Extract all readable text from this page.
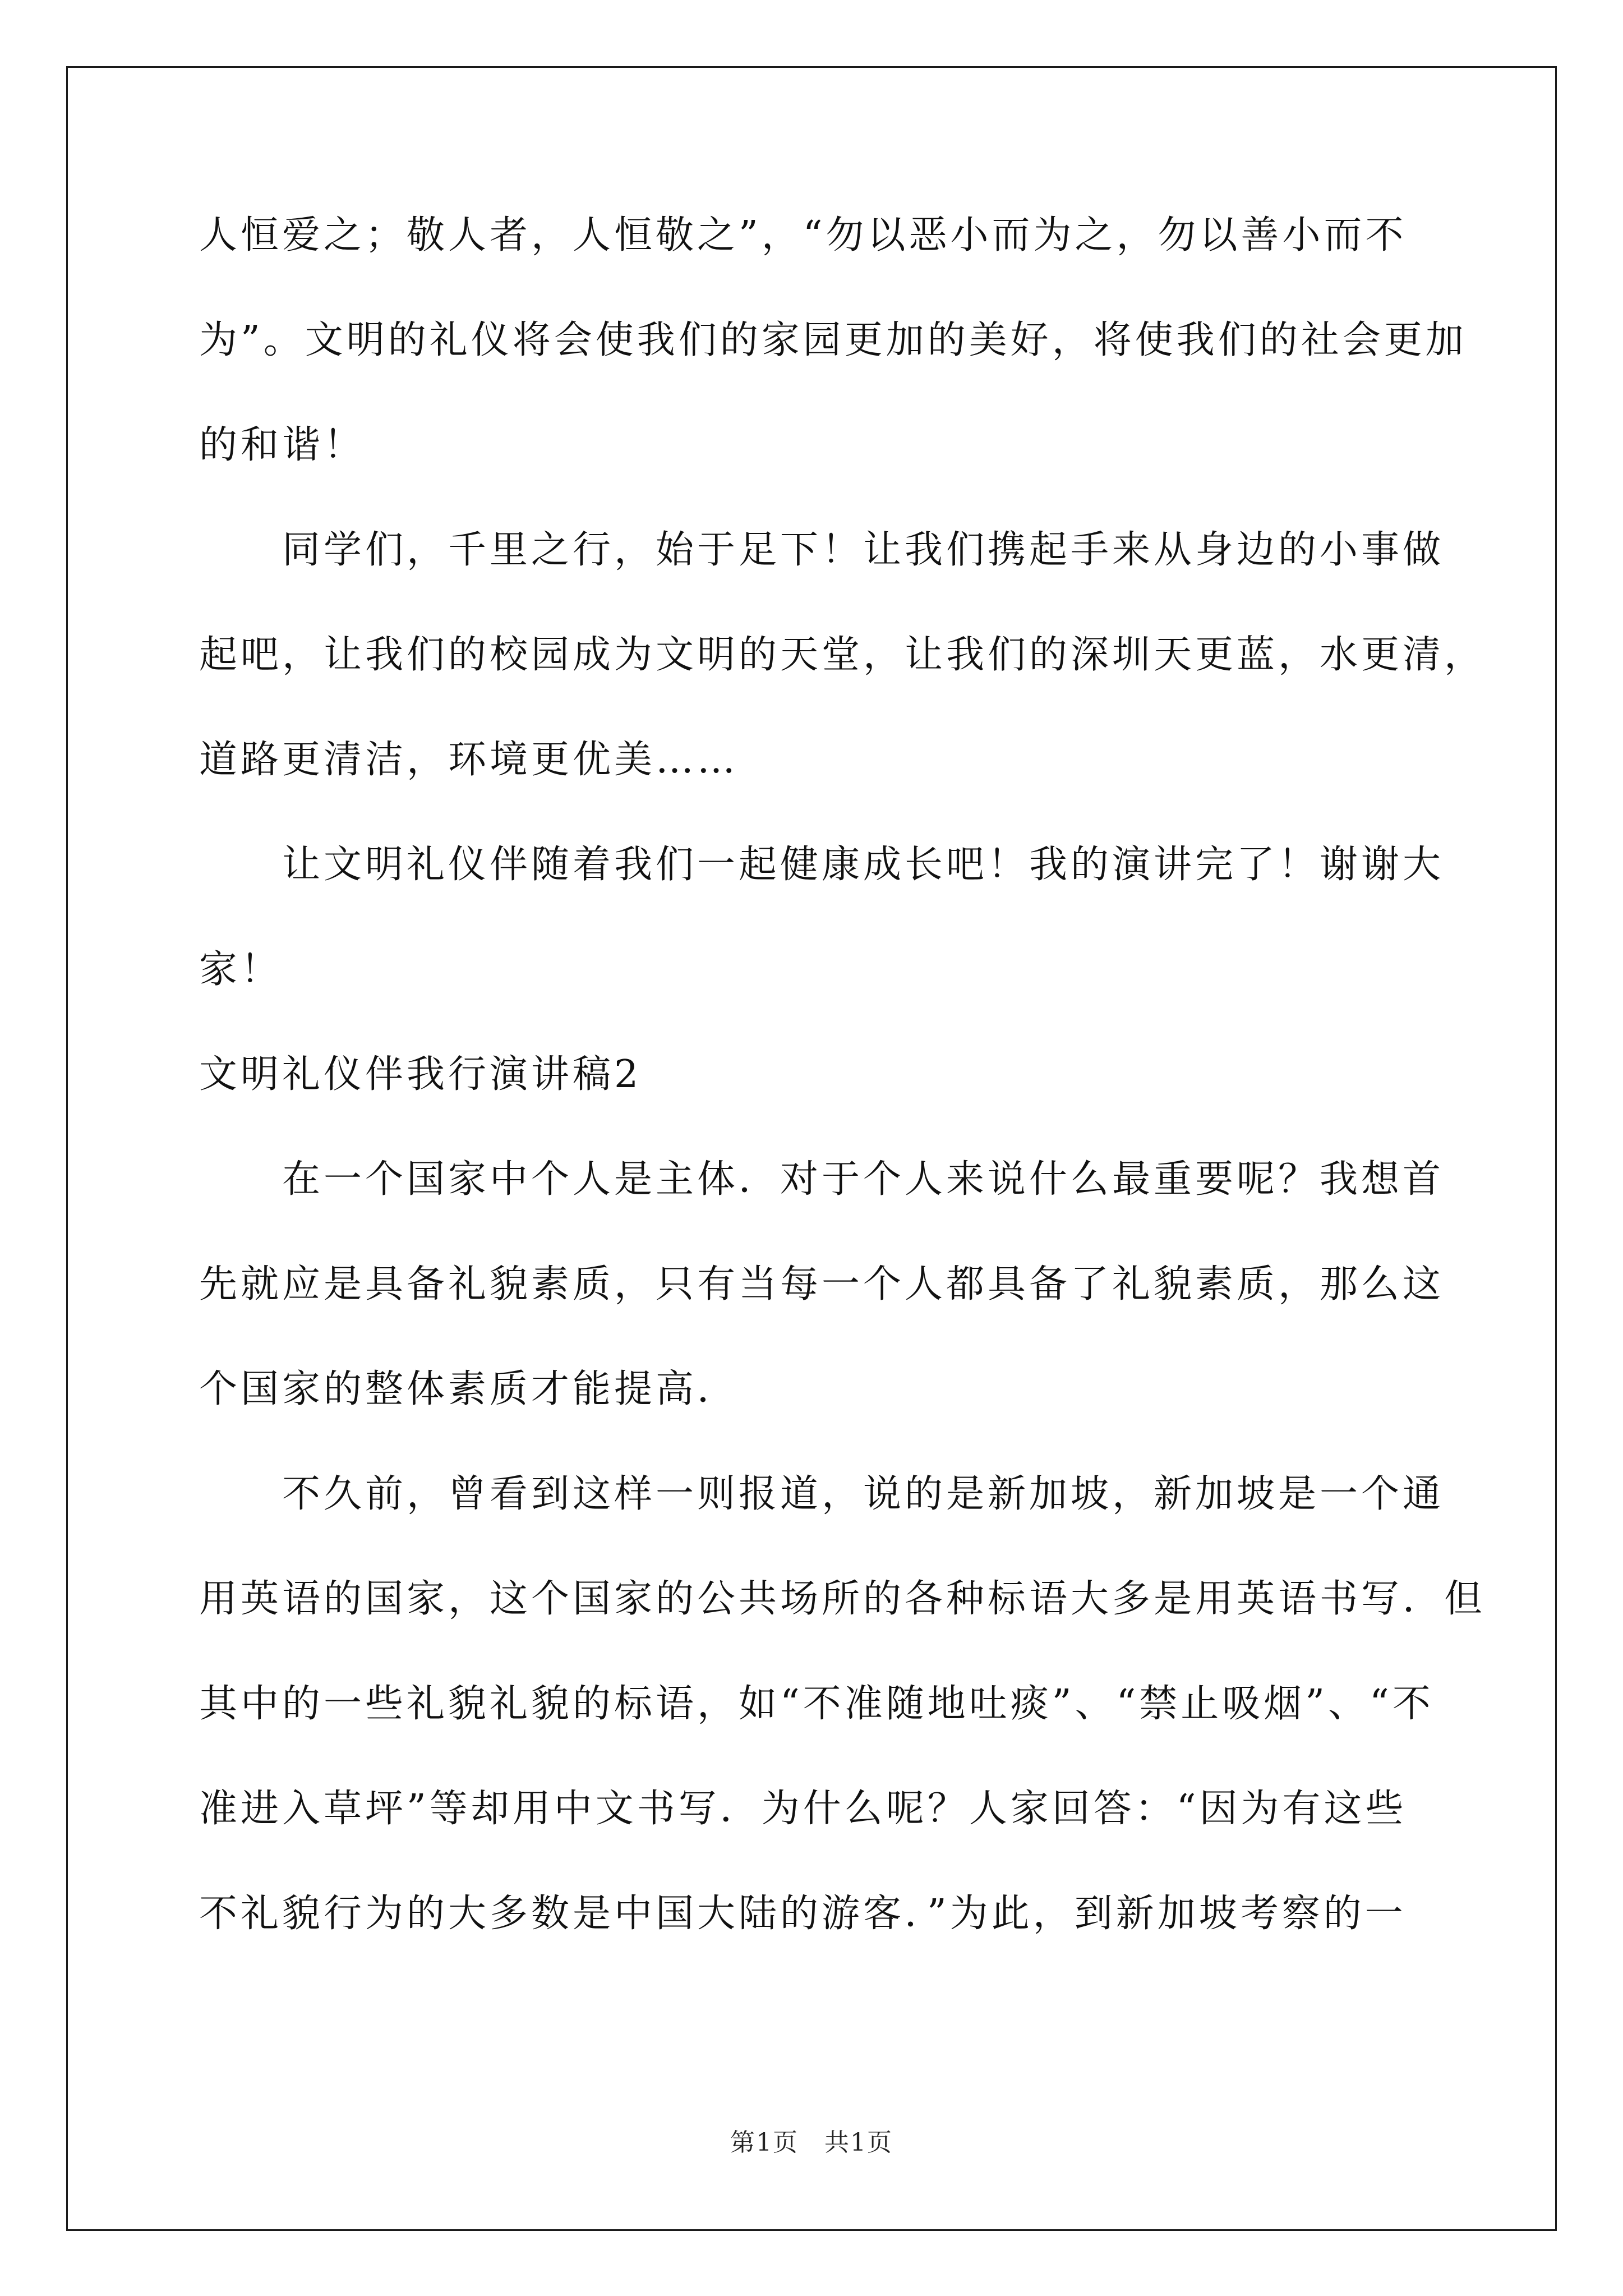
人恒爱之；敬人者，人恒敬之”，“勿以恶小而为之，勿以善小而不
为”。文明的礼仪将会使我们的家园更加的美好，将使我们的社会更加
的和谐！
　　同学们，千里之行，始于足下！让我们携起手来从身边的小事做
起吧，让我们的校园成为文明的天堂，让我们的深圳天更蓝，水更清，
道路更清洁，环境更优美……
　　让文明礼仪伴随着我们一起健康成长吧！我的演讲完了！谢谢大
家！
文明礼仪伴我行演讲稿2
　　在一个国家中个人是主体．对于个人来说什么最重要呢？我想首
先就应是具备礼貌素质，只有当每一个人都具备了礼貌素质，那么这
个国家的整体素质才能提高．
　　不久前，曾看到这样一则报道，说的是新加坡，新加坡是一个通
用英语的国家，这个国家的公共场所的各种标语大多是用英语书写．但
其中的一些礼貌礼貌的标语，如“不准随地吐痰”、“禁止吸烟”、“不
准进入草坪”等却用中文书写．为什么呢？人家回答：“因为有这些
不礼貌行为的大多数是中国大陆的游客．”为此，到新加坡考察的一
第1页　共1页
